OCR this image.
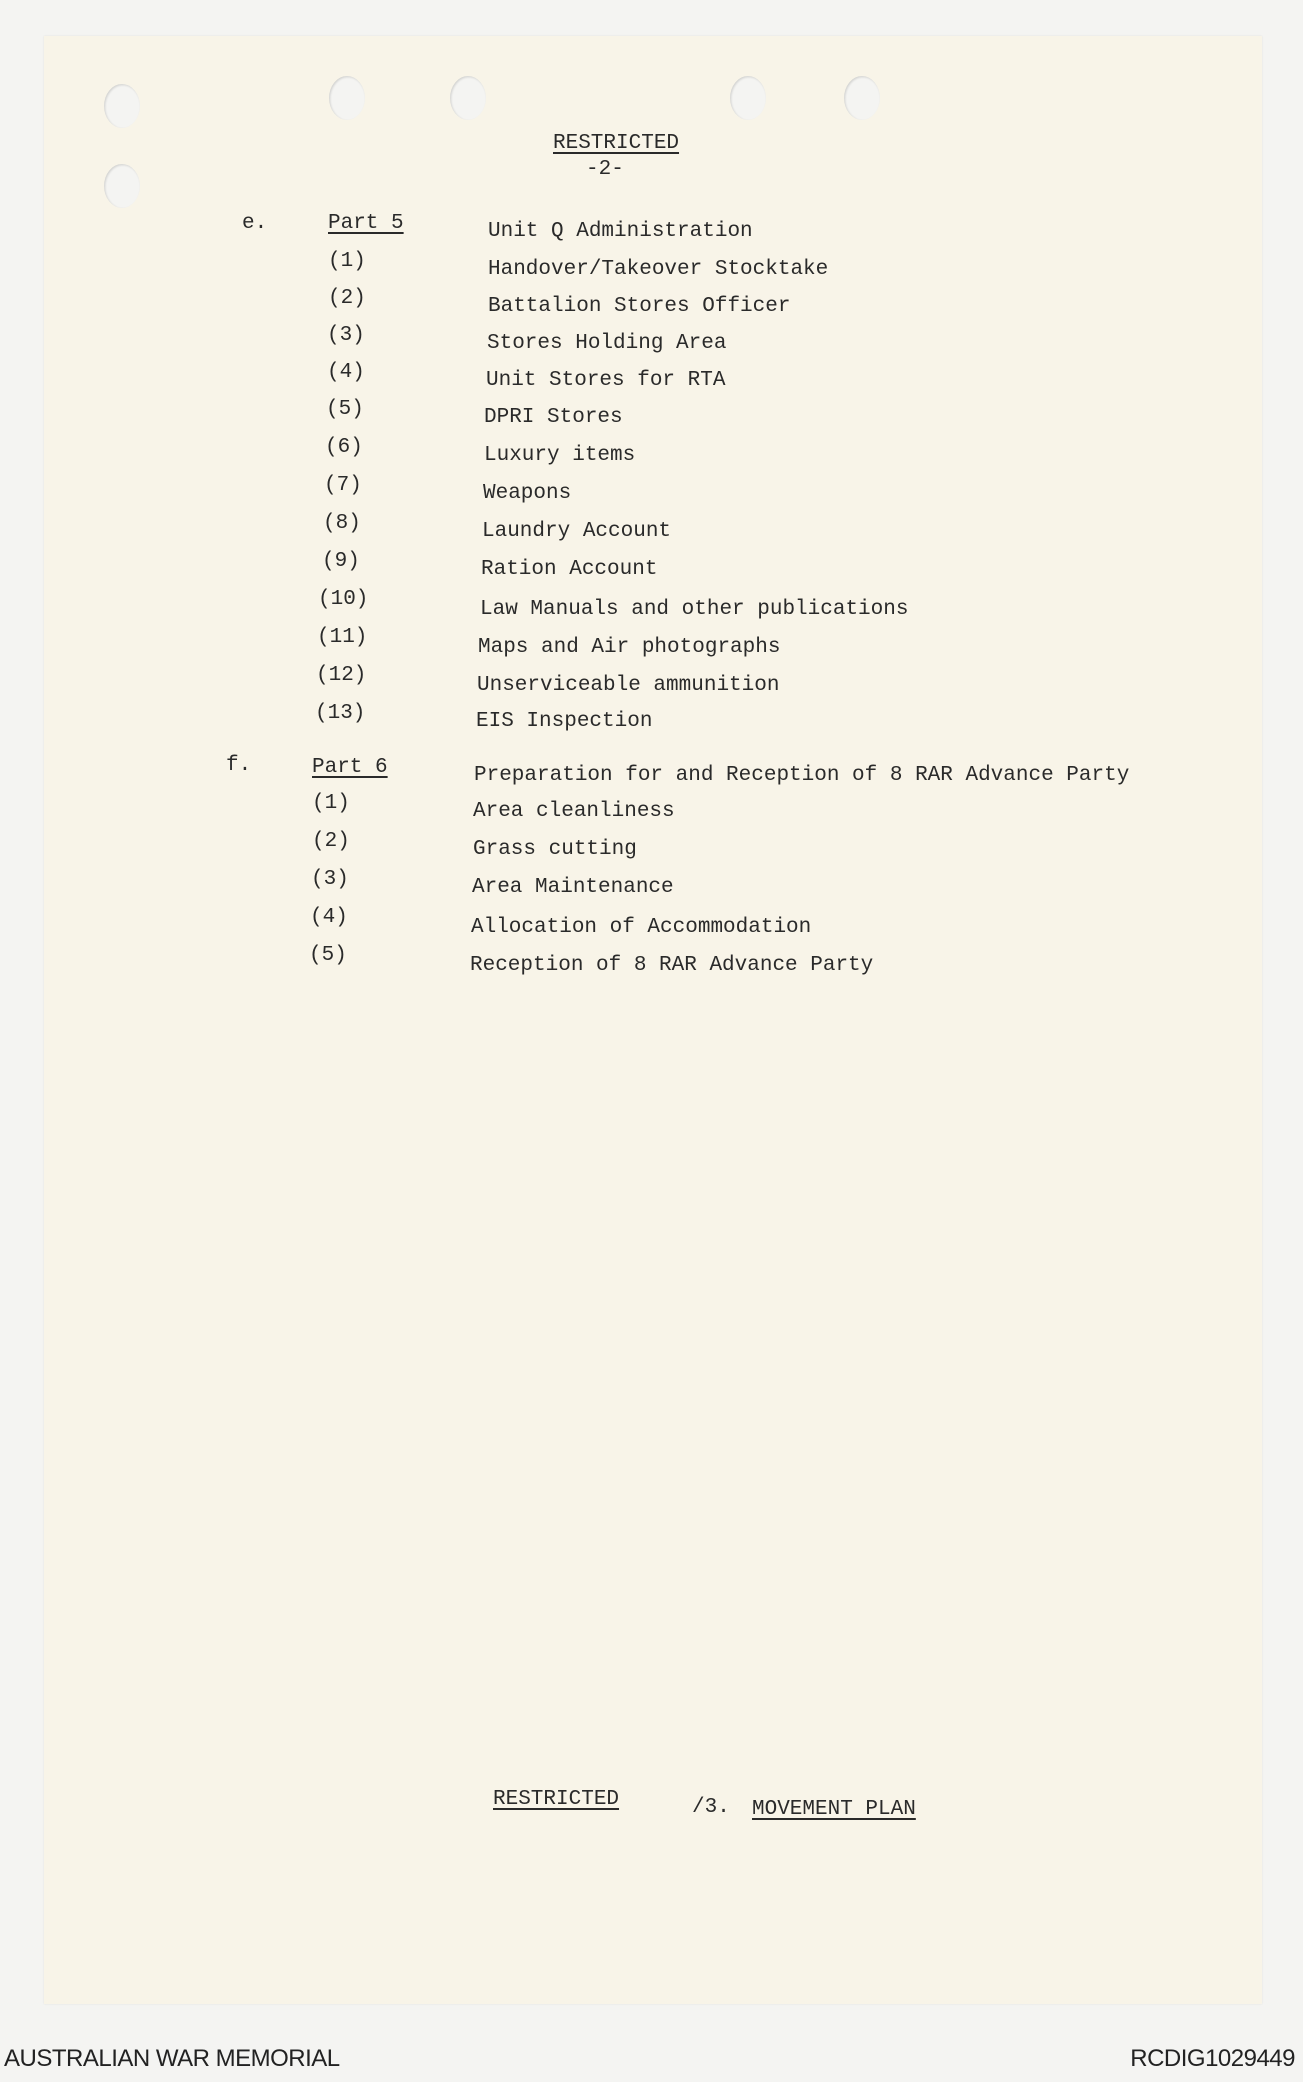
RESTRICTED
-2-
e.	Part 5	Unit Q Administration
(1)	Handover/Takeover Stocktake
(2)	Battalion Stores Officer
(3)	Stores Holding Area
(4)	Unit Stores for RTA
(5)	DPRI Stores
(6)	Luxury items
(7)	Weapons
(8)	Laundry Account
(9)	Ration Account
(10)	Law Manuals and other publications
(11)	Maps and Air photographs
(12)	Unserviceable ammunition
(13)	EIS Inspection
f.	Part 6	Preparation for and Reception of 8 RAR Advance Party
(1)	Area cleanliness
(2)	Grass cutting
(3)	Area Maintenance
(4)	Allocation of Accommodation
(5)	Reception of 8 RAR Advance Party
RESTRICTED	/3. MOVEMENT PLAN
AUSTRALIAN WAR MEMORIAL	RCDIG1029449
